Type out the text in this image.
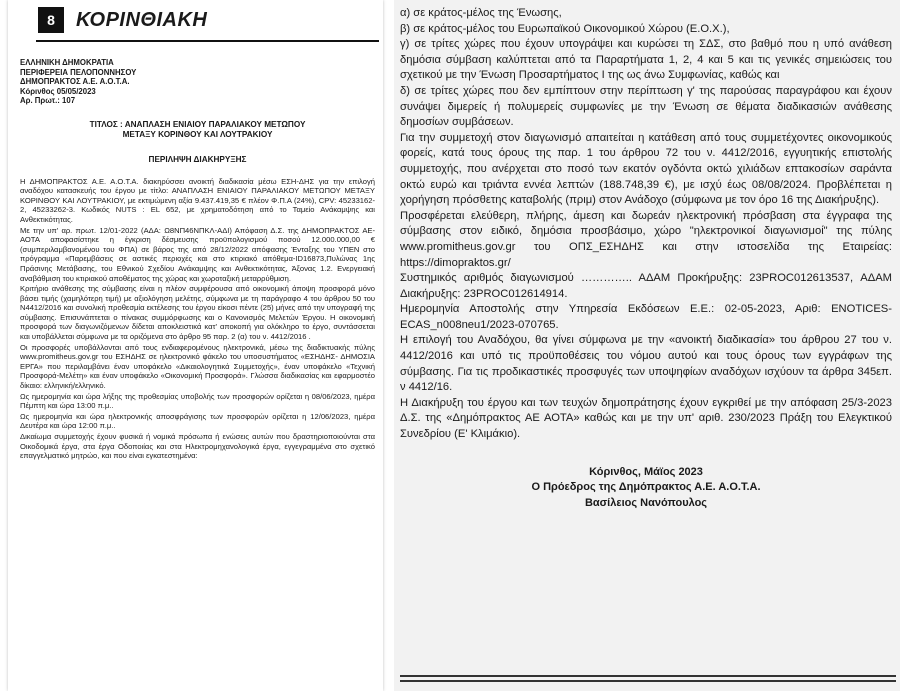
8	ΚΟΡΙΝΘΙΑΚΗ
ΕΛΛΗΝΙΚΗ ΔΗΜΟΚΡΑΤΙΑ
ΠΕΡΙΦΕΡΕΙΑ ΠΕΛΟΠΟΝΝΗΣΟΥ
ΔΗΜΟΠΡΑΚΤΟΣ Α.Ε. Α.Ο.Τ.Α.
Κόρινθος 05/05/2023
Αρ. Πρωτ.: 107
ΤΙΤΛΟΣ : ΑΝΑΠΛΑΣΗ ΕΝΙΑΙΟΥ ΠΑΡΑΛΙΑΚΟΥ ΜΕΤΩΠΟΥ
ΜΕΤΑΞΥ ΚΟΡΙΝΘΟΥ ΚΑΙ ΛΟΥΤΡΑΚΙΟΥ
ΠΕΡΙΛΗΨΗ ΔΙΑΚΗΡΥΞΗΣ

Η ΔΗΜΟΠΡΑΚΤΟΣ Α.Ε. Α.Ο.Τ.Α. διακηρύσσει ανοικτή διαδικασία μέσω ΕΣΗ-ΔΗΣ για την επιλογή αναδόχου κατασκευής του έργου με τίτλο: ΑΝΑΠΛΑΣΗ ΕΝΙΑΙΟΥ ΠΑΡΑΛΙΑΚΟΥ ΜΕΤΩΠΟΥ ΜΕΤΑΞΥ ΚΟΡΙΝΘΟΥ ΚΑΙ ΛΟΥΤΡΑΚΙΟΥ, με εκτιμώμενη αξία 9.437.419,35 € πλέον Φ.Π.Α (24%), CPV: 45233162-2, 45233262-3. Κωδικός NUTS : EL 652, με χρηματοδότηση από το Ταμείο Ανάκαμψης και Ανθεκτικότητας.

Με την υπ' αρ. πρωτ. 12/01-2022 (ΑΔΑ: Ω8ΝΠ46ΝΠΚΛ-ΑΔΙ) Απόφαση Δ.Σ. της ΔΗΜΟΠΡΑΚΤΟΣ ΑΕ-ΑΟΤΑ αποφασίστηκε η έγκριση δέσμευσης προϋπολογισμού ποσού 12.000.000,00 € (συμπεριλαμβανομένου του ΦΠΑ) σε βάρος της από 28/12/2022 απόφασης Ένταξης του ΥΠΕΝ στο πρόγραμμα «Παρεμβάσεις σε αστικές περιοχές και στο κτιριακό απόθεμα-ID16873,Πυλώνας 1ης Πράσινης Μετάβασης, του Εθνικού Σχεδίου Ανάκαμψης και Ανθεκτικότητας, Άξονας 1.2. Ενεργειακή αναβάθμιση του κτιριακού αποθέματος της χώρας και χωροταξική μεταρρύθμιση.

Κριτήριο ανάθεσης της σύμβασης είναι η πλέον συμφέρουσα από οικονομική άποψη προσφορά μόνο βάσει τιμής (χαμηλότερη τιμή) με αξιολόγηση μελέτης, σύμφωνα με τη παράγραφο 4 του άρθρου 50 του Ν4412/2016 και συνολική προθεσμία εκτέλεσης του έργου είκοσι πέντε (25) μήνες από την υπογραφή της σύμβασης. Επισυνάπτεται ο πίνακας συμμόρφωσης και ο Κανονισμός Μελετών Έργου. Η οικονομική προσφορά των διαγωνιζόμενων δίδεται αποκλειστικά κατ' αποκοπή για ολόκληρο το έργο, συντάσσεται και υποβάλλεται σύμφωνα με τα οριζόμενα στο άρθρο 95 παρ. 2 (α) του ν. 4412/2016 .

Οι προσφορές υποβάλλονται από τους ενδιαφερομένους ηλεκτρονικά, μέσω της διαδικτυακής πύλης www.promitheus.gov.gr του ΕΣΗΔΗΣ σε ηλεκτρονικό φάκελο του υποσυστήματος «ΕΣΗΔΗΣ- ΔΗΜΟΣΙΑ ΕΡΓΑ» που περιλαμβάνει έναν υποφάκελο «Δικαιολογητικά Συμμετοχής», έναν υποφάκελο «Τεχνική Προσφορά-Μελέτη» και έναν υποφάκελο «Οικονομική Προσφορά». Γλώσσα διαδικασίας και εφαρμοστέο δίκαιο: ελληνική/ελληνικό.

Ως ημερομηνία και ώρα λήξης της προθεσμίας υποβολής των προσφορών ορίζεται η 08/06/2023, ημέρα Πέμπτη και ώρα 13:00 π.μ..

Ως ημερομηνία και ώρα ηλεκτρονικής αποσφράγισης των προσφορών ορίζεται η 12/06/2023, ημέρα Δευτέρα και ώρα 12:00 π.μ..

Δικαίωμα συμμετοχής έχουν φυσικά ή νομικά πρόσωπα ή ενώσεις αυτών που δραστηριοποιούνται στα Οικοδομικά έργα, στα έργα Οδοποιίας και στα Ηλεκτρομηχανολογικά έργα, εγγεγραμμένα στο σχετικό επαγγελματικό μητρώο, και που είναι εγκατεστημένα:

α) σε κράτος-μέλος της Ένωσης,

β) σε κράτος-μέλος του Ευρωπαϊκού Οικονομικού Χώρου (Ε.Ο.Χ.),

γ) σε τρίτες χώρες που έχουν υπογράψει και κυρώσει τη ΣΔΣ, στο βαθμό που η υπό ανάθεση δημόσια σύμβαση καλύπτεται από τα Παραρτήματα 1, 2, 4 και 5 και τις γενικές σημειώσεις του σχετικού με την Ένωση Προσαρτήματος I της ως άνω Συμφωνίας, καθώς και

δ) σε τρίτες χώρες που δεν εμπίπτουν στην περίπτωση γ' της παρούσας παραγράφου και έχουν συνάψει διμερείς ή πολυμερείς συμφωνίες με την Ένωση σε θέματα διαδικασιών ανάθεσης δημοσίων συμβάσεων.

Για την συμμετοχή στον διαγωνισμό απαιτείται η κατάθεση από τους συμμετέχοντες οικονομικούς φορείς, κατά τους όρους της παρ. 1 του άρθρου 72 του ν. 4412/2016, εγγυητικής επιστολής συμμετοχής, που ανέρχεται στο ποσό των εκατόν ογδόντα οκτώ χιλιάδων επτακοσίων σαράντα οκτώ ευρώ και τριάντα εννέα λεπτών (188.748,39 €), με ισχύ έως 08/08/2024. Προβλέπεται η χορήγηση πρόσθετης καταβολής (πριμ) στον Ανάδοχο (σύμφωνα με τον όρο 16 της Διακήρυξης).

Προσφέρεται ελεύθερη, πλήρης, άμεση και δωρεάν ηλεκτρονική πρόσβαση στα έγγραφα της σύμβασης στον ειδικό, δημόσια προσβάσιμο, χώρο "ηλεκτρονικοί διαγωνισμοί" της πύλης www.promitheus.gov.gr του ΟΠΣ_ΕΣΗΔΗΣ και στην ιστοσελίδα της Εταιρείας: https://dimopraktos.gr/

Συστημικός αριθμός διαγωνισμού ………….. ΑΔΑΜ Προκήρυξης: 23PROC012613537, ΑΔΑΜ Διακήρυξης: 23PROC012614914.

Ημερομηνία Αποστολής στην Υπηρεσία Εκδόσεων Ε.Ε.: 02-05-2023, Αριθ: ENOTICES-ECAS_n008neu1/2023-070765.

Η επιλογή του Αναδόχου, θα γίνει σύμφωνα με την «ανοικτή διαδικασία» του άρθρου 27 του ν. 4412/2016 και υπό τις προϋποθέσεις του νόμου αυτού και τους όρους των εγγράφων της σύμβασης. Για τις προδικαστικές προσφυγές των υποψηφίων αναδόχων ισχύουν τα άρθρα 345επ. ν 4412/16.

Η Διακήρυξη του έργου και των τευχών δημοπράτησης έχουν εγκριθεί με την απόφαση 25/3-2023 Δ.Σ. της «Δημόπρακτος ΑΕ ΑΟΤΑ» καθώς και με την υπ' αριθ. 230/2023 Πράξη του Ελεγκτικού Συνεδρίου (Ε' Κλιμάκιο).

Κόρινθος, Μάϊος 2023
Ο Πρόεδρος της Δημόπρακτος Α.Ε. Α.Ο.Τ.Α.
Βασίλειος Νανόπουλος
